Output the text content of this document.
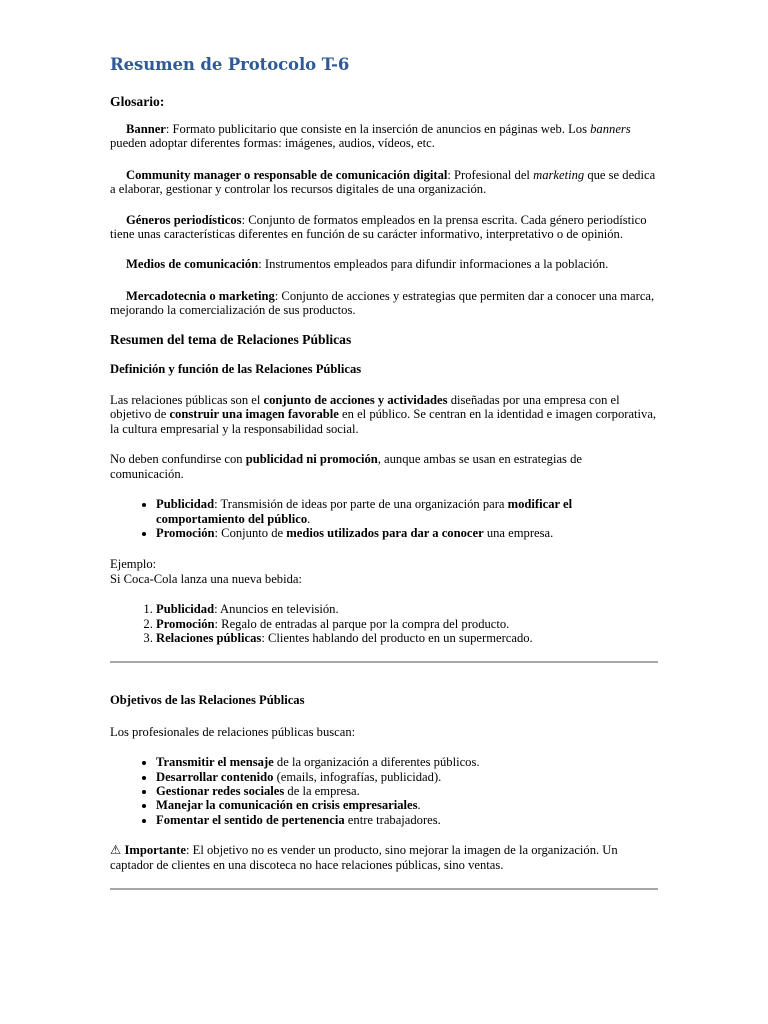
Resumen de Protocolo T-6

Glosario:

Banner: Formato publicitario que consiste en la inserción de anuncios en páginas web. Los banners pueden adoptar diferentes formas: imágenes, audios, vídeos, etc.

Community manager o responsable de comunicación digital: Profesional del marketing que se dedica a elaborar, gestionar y controlar los recursos digitales de una organización.

Géneros periodísticos: Conjunto de formatos empleados en la prensa escrita. Cada género periodístico tiene unas características diferentes en función de su carácter informativo, interpretativo o de opinión.

Medios de comunicación: Instrumentos empleados para difundir informaciones a la población.

Mercadotecnia o marketing: Conjunto de acciones y estrategias que permiten dar a conocer una marca, mejorando la comercialización de sus productos.

Resumen del tema de Relaciones Públicas

Definición y función de las Relaciones Públicas

Las relaciones públicas son el conjunto de acciones y actividades diseñadas por una empresa con el objetivo de construir una imagen favorable en el público. Se centran en la identidad e imagen corporativa, la cultura empresarial y la responsabilidad social.

No deben confundirse con publicidad ni promoción, aunque ambas se usan en estrategias de comunicación.

• Publicidad: Transmisión de ideas por parte de una organización para modificar el comportamiento del público.
• Promoción: Conjunto de medios utilizados para dar a conocer una empresa.

Ejemplo:

Si Coca-Cola lanza una nueva bebida:

1. Publicidad: Anuncios en televisión.
2. Promoción: Regalo de entradas al parque por la compra del producto.
3. Relaciones públicas: Clientes hablando del producto en un supermercado.

Objetivos de las Relaciones Públicas

Los profesionales de relaciones públicas buscan:

• Transmitir el mensaje de la organización a diferentes públicos.
• Desarrollar contenido (emails, infografías, publicidad).
• Gestionar redes sociales de la empresa.
• Manejar la comunicación en crisis empresariales.
• Fomentar el sentido de pertenencia entre trabajadores.

⚠ Importante: El objetivo no es vender un producto, sino mejorar la imagen de la organización. Un captador de clientes en una discoteca no hace relaciones públicas, sino ventas.
